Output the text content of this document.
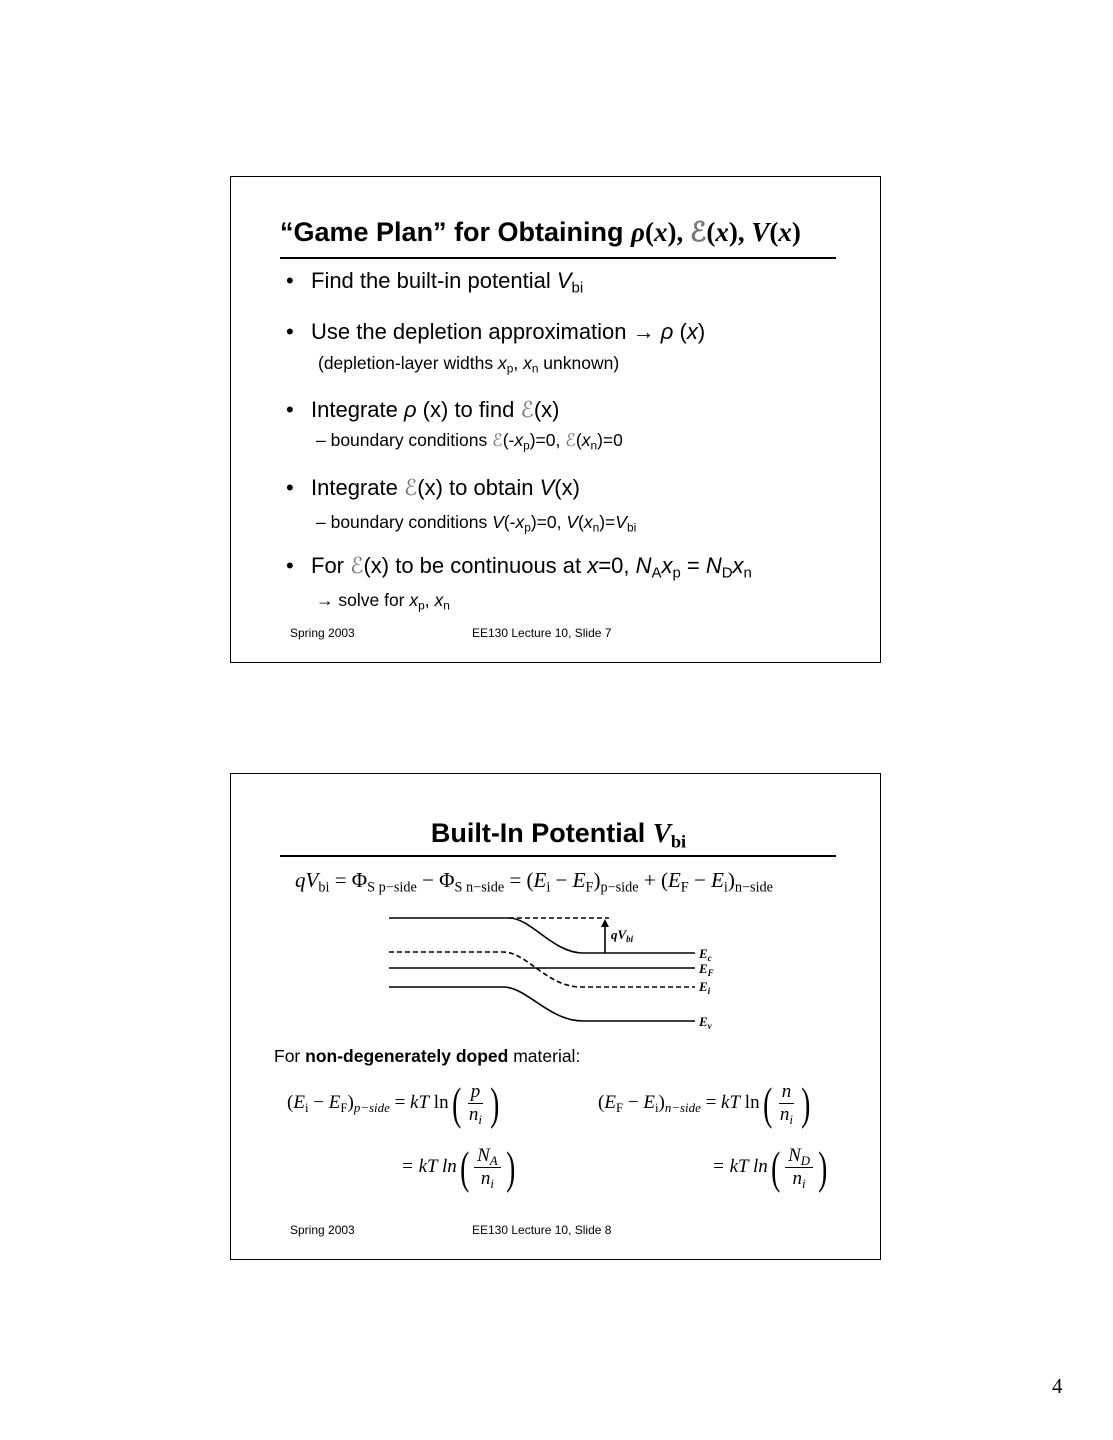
“Game Plan” for Obtaining ρ(x), ℰ(x), V(x)
• Find the built-in potential $V_{bi}$
• Use the depletion approximation → ρ (x)
(depletion-layer widths $x_p$, $x_n$ unknown)
• Integrate ρ (x) to find ℰ(x)
– boundary conditions $ℰ(-x_p)=0$, $ℰ(x_n)=0$
• Integrate ℰ(x) to obtain V(x)
– boundary conditions $V(-x_p)=0$, $V(x_n)=V_{bi}$
• For ℰ(x) to be continuous at x=0, $N_Ax_p = N_Dx_n$
→ solve for $x_p$, $x_n$
Spring 2003	EE130 Lecture 10, Slide 7
Built-In Potential $V_{bi}$
$qV_{bi} = \Phi_{S p-side} - \Phi_{S n-side} = (E_i - E_F)_{p-side} + (E_F - E_i)_{n-side}$
$qV_{bi}$
$E_c$
$E_F$
$E_i$
$E_v$
For non-degenerately doped material:
$(E_i - E_F)_{p-side}$ = kT $\ln( \frac{p}{n_i}$ )
= kT $\ln( \frac{N_A}{n_i}$ )
$(E_F - E_i)_{n-side}$ = kT $\ln( \frac{n}{n_i}$ )
= kT $\ln( \frac{N_D}{n_i}$ )
Spring 2003	EE130 Lecture 10, Slide 8
4
